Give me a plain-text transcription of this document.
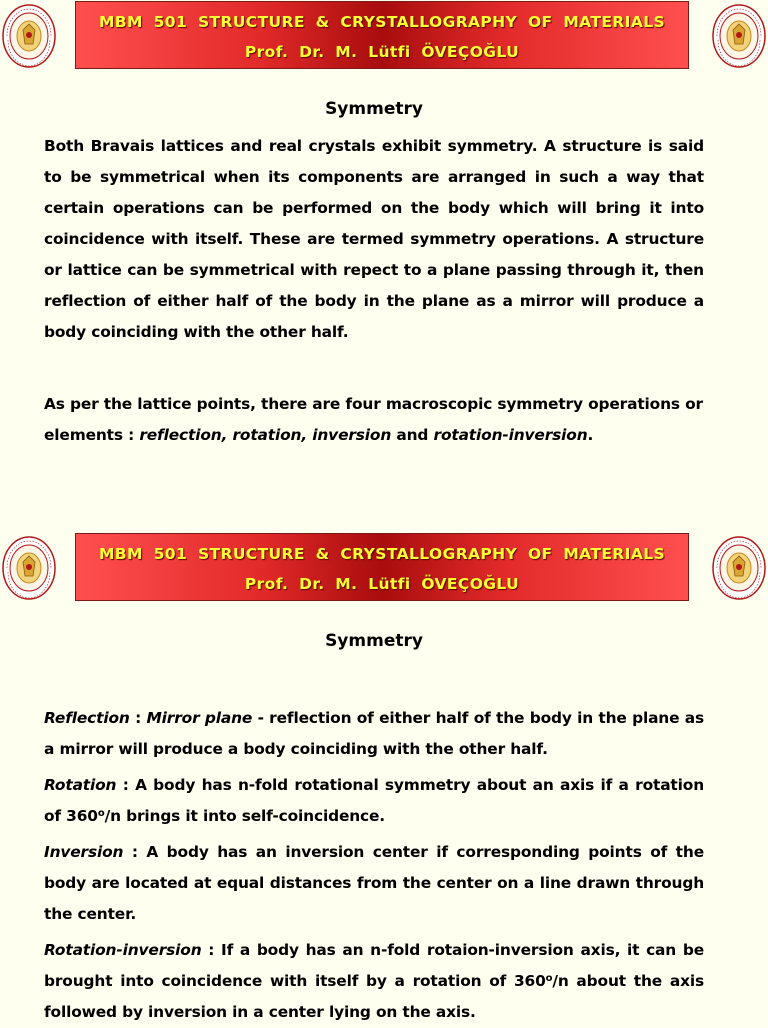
MBM 501 STRUCTURE & CRYSTALLOGRAPHY OF MATERIALS
Prof. Dr. M. Lütfi ÖVEÇOĞLU
Symmetry
Both Bravais lattices and real crystals exhibit symmetry. A structure is said to be symmetrical when its components are arranged in such a way that certain operations can be performed on the body which will bring it into coincidence with itself. These are termed symmetry operations. A structure or lattice can be symmetrical with repect to a plane passing through it, then reflection of either half of the body in the plane as a mirror will produce a body coinciding with the other half.
As per the lattice points, there are four macroscopic symmetry operations or elements : reflection, rotation, inversion and rotation-inversion.
MBM 501 STRUCTURE & CRYSTALLOGRAPHY OF MATERIALS
Prof. Dr. M. Lütfi ÖVEÇOĞLU
Symmetry
Reflection : Mirror plane - reflection of either half of the body in the plane as a mirror will produce a body coinciding with the other half.
Rotation : A body has n-fold rotational symmetry about an axis if a rotation of 360$^o$/n brings it into self-coincidence.
Inversion : A body has an inversion center if corresponding points of the body are located at equal distances from the center on a line drawn through the center.
Rotation-inversion : If a body has an n-fold rotaion-inversion axis, it can be brought into coincidence with itself by a rotation of 360$^o$/n about the axis followed by inversion in a center lying on the axis.
